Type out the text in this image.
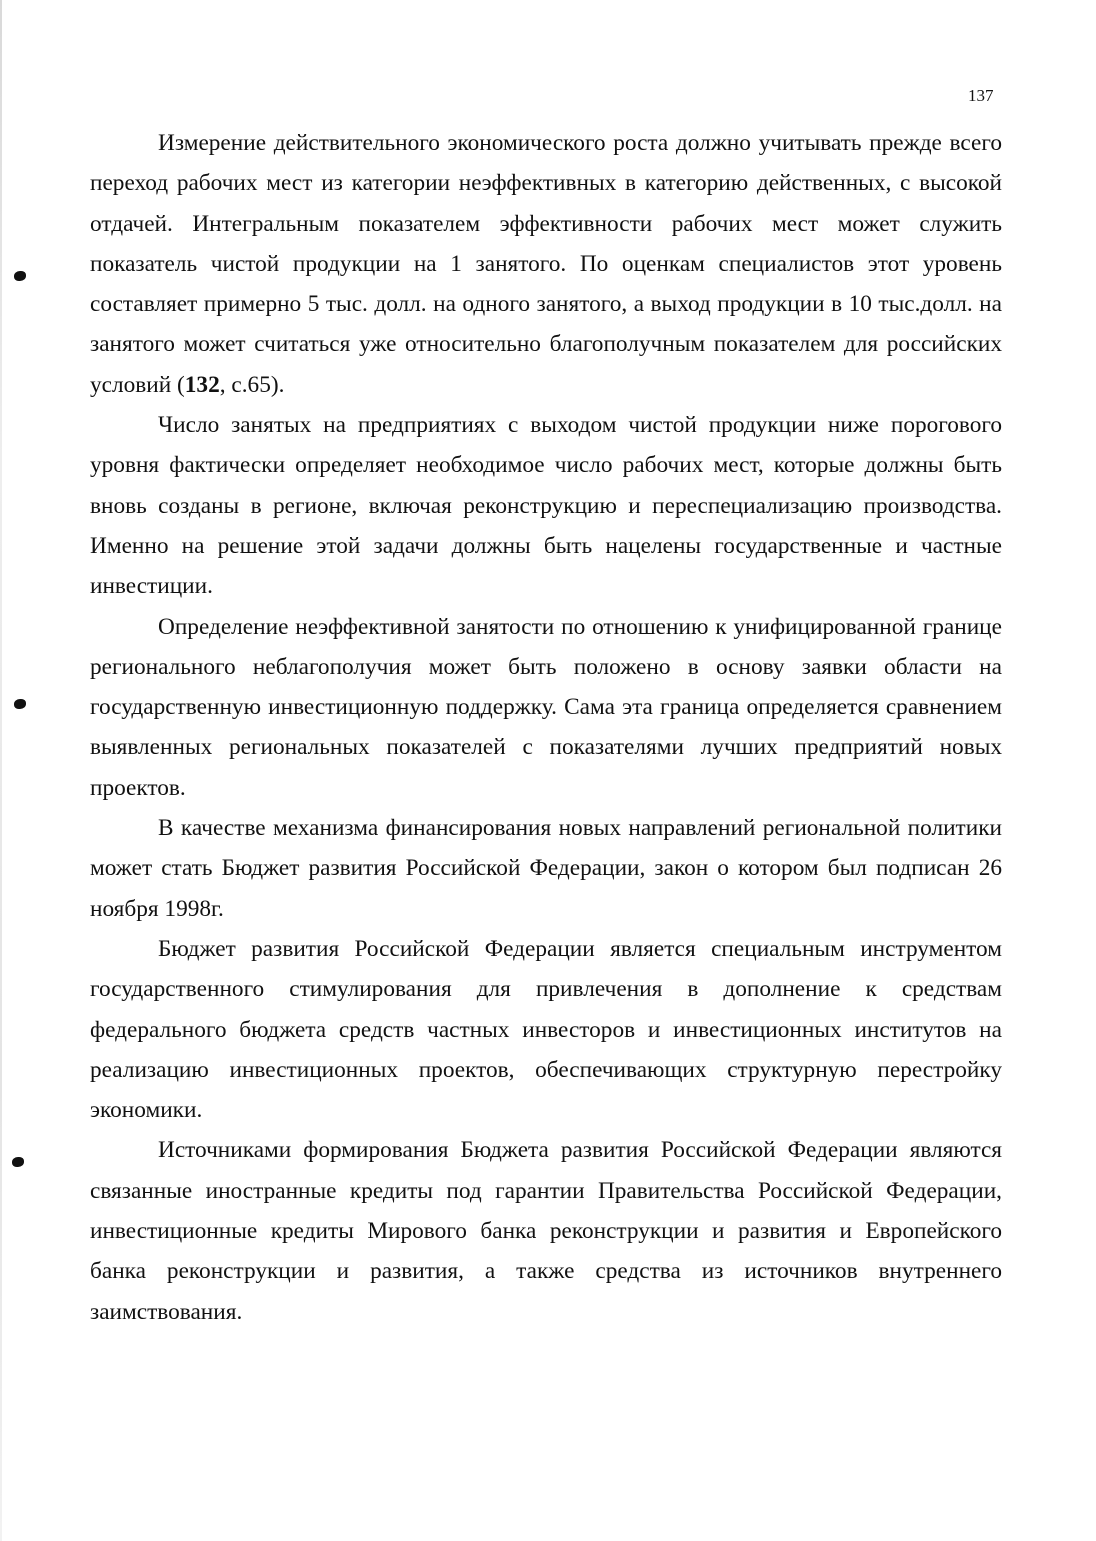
137

Измерение действительного экономического роста должно учитывать прежде всего переход рабочих мест из категории неэффективных в категорию действенных, с высокой отдачей. Интегральным показателем эффективности рабочих мест может служить показатель чистой продукции на 1 занятого. По оценкам специалистов этот уровень составляет примерно 5 тыс. долл. на одного занятого, а выход продукции в 10 тыс.долл. на занятого может считаться уже относительно благополучным показателем для российских условий (132, с.65).

Число занятых на предприятиях с выходом чистой продукции ниже порогового уровня фактически определяет необходимое число рабочих мест, которые должны быть вновь созданы в регионе, включая реконструкцию и переспециализацию производства. Именно на решение этой задачи должны быть нацелены государственные и частные инвестиции.

Определение неэффективной занятости по отношению к унифицированной границе регионального неблагополучия может быть положено в основу заявки области на государственную инвестиционную поддержку. Сама эта граница определяется сравнением выявленных региональных показателей с показателями лучших предприятий новых проектов.

В качестве механизма финансирования новых направлений региональной политики может стать Бюджет развития Российской Федерации, закон о котором был подписан 26 ноября 1998г.

Бюджет развития Российской Федерации является специальным инструментом государственного стимулирования для привлечения в дополнение к средствам федерального бюджета средств частных инвесторов и инвестиционных институтов на реализацию инвестиционных проектов, обеспечивающих структурную перестройку экономики.

Источниками формирования Бюджета развития Российской Федерации являются связанные иностранные кредиты под гарантии Правительства Российской Федерации, инвестиционные кредиты Мирового банка реконструкции и развития и Европейского банка реконструкции и развития, а также средства из источников внутреннего заимствования.
